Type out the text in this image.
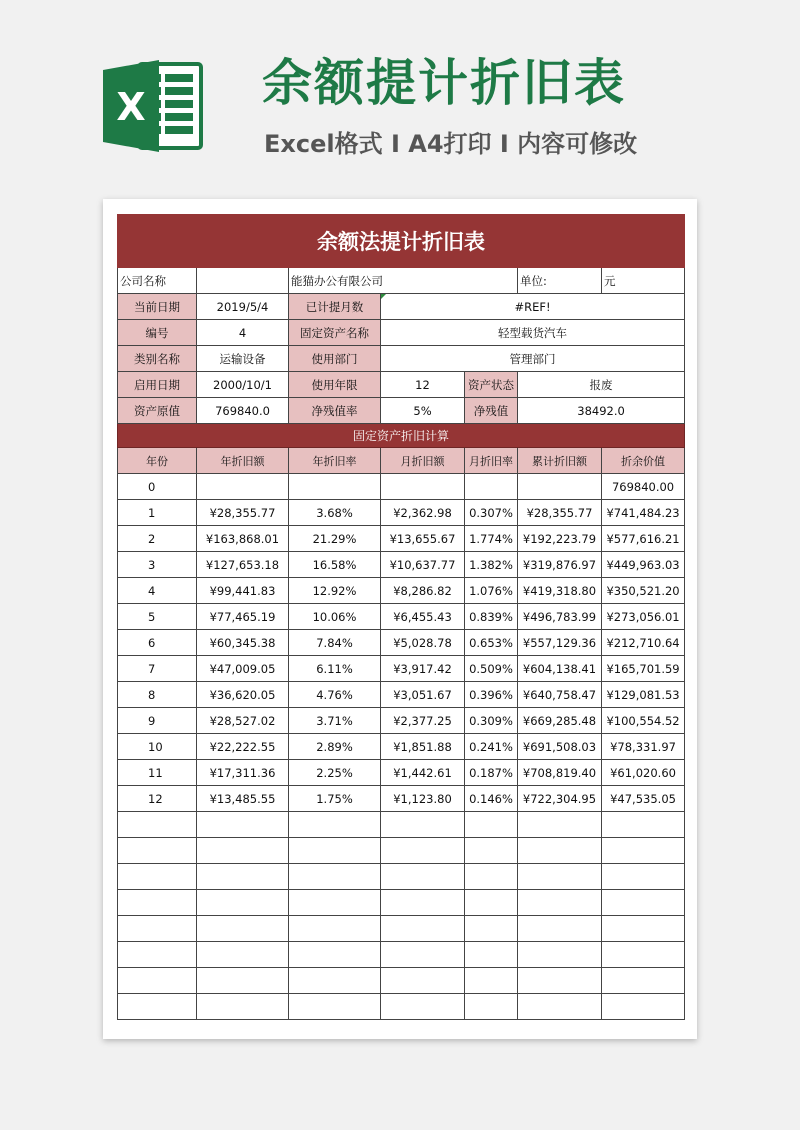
X 余额提计折旧表
Excel格式 I A4打印 I 内容可修改
余额法提计折旧表						
公司名称		能猫办公有限公司			单位:	元
当前日期	2019/5/4	已计提月数	#REF!			
编号	4	固定资产名称	轻型载货汽车			
类别名称	运输设备	使用部门	管理部门			
启用日期	2000/10/1	使用年限	12	资产状态	报废	
资产原值	769840.0	净残值率	5%	净残值	38492.0	
固定资产折旧计算						
年份	年折旧额	年折旧率	月折旧额	月折旧率	累计折旧额	折余价值
0						769840.00
1	¥28,355.77	3.68%	¥2,362.98	0.307%	¥28,355.77	¥741,484.23
2	¥163,868.01	21.29%	¥13,655.67	1.774%	¥192,223.79	¥577,616.21
3	¥127,653.18	16.58%	¥10,637.77	1.382%	¥319,876.97	¥449,963.03
4	¥99,441.83	12.92%	¥8,286.82	1.076%	¥419,318.80	¥350,521.20
5	¥77,465.19	10.06%	¥6,455.43	0.839%	¥496,783.99	¥273,056.01
6	¥60,345.38	7.84%	¥5,028.78	0.653%	¥557,129.36	¥212,710.64
7	¥47,009.05	6.11%	¥3,917.42	0.509%	¥604,138.41	¥165,701.59
8	¥36,620.05	4.76%	¥3,051.67	0.396%	¥640,758.47	¥129,081.53
9	¥28,527.02	3.71%	¥2,377.25	0.309%	¥669,285.48	¥100,554.52
10	¥22,222.55	2.89%	¥1,851.88	0.241%	¥691,508.03	¥78,331.97
11	¥17,311.36	2.25%	¥1,442.61	0.187%	¥708,819.40	¥61,020.60
12	¥13,485.55	1.75%	¥1,123.80	0.146%	¥722,304.95	¥47,535.05
